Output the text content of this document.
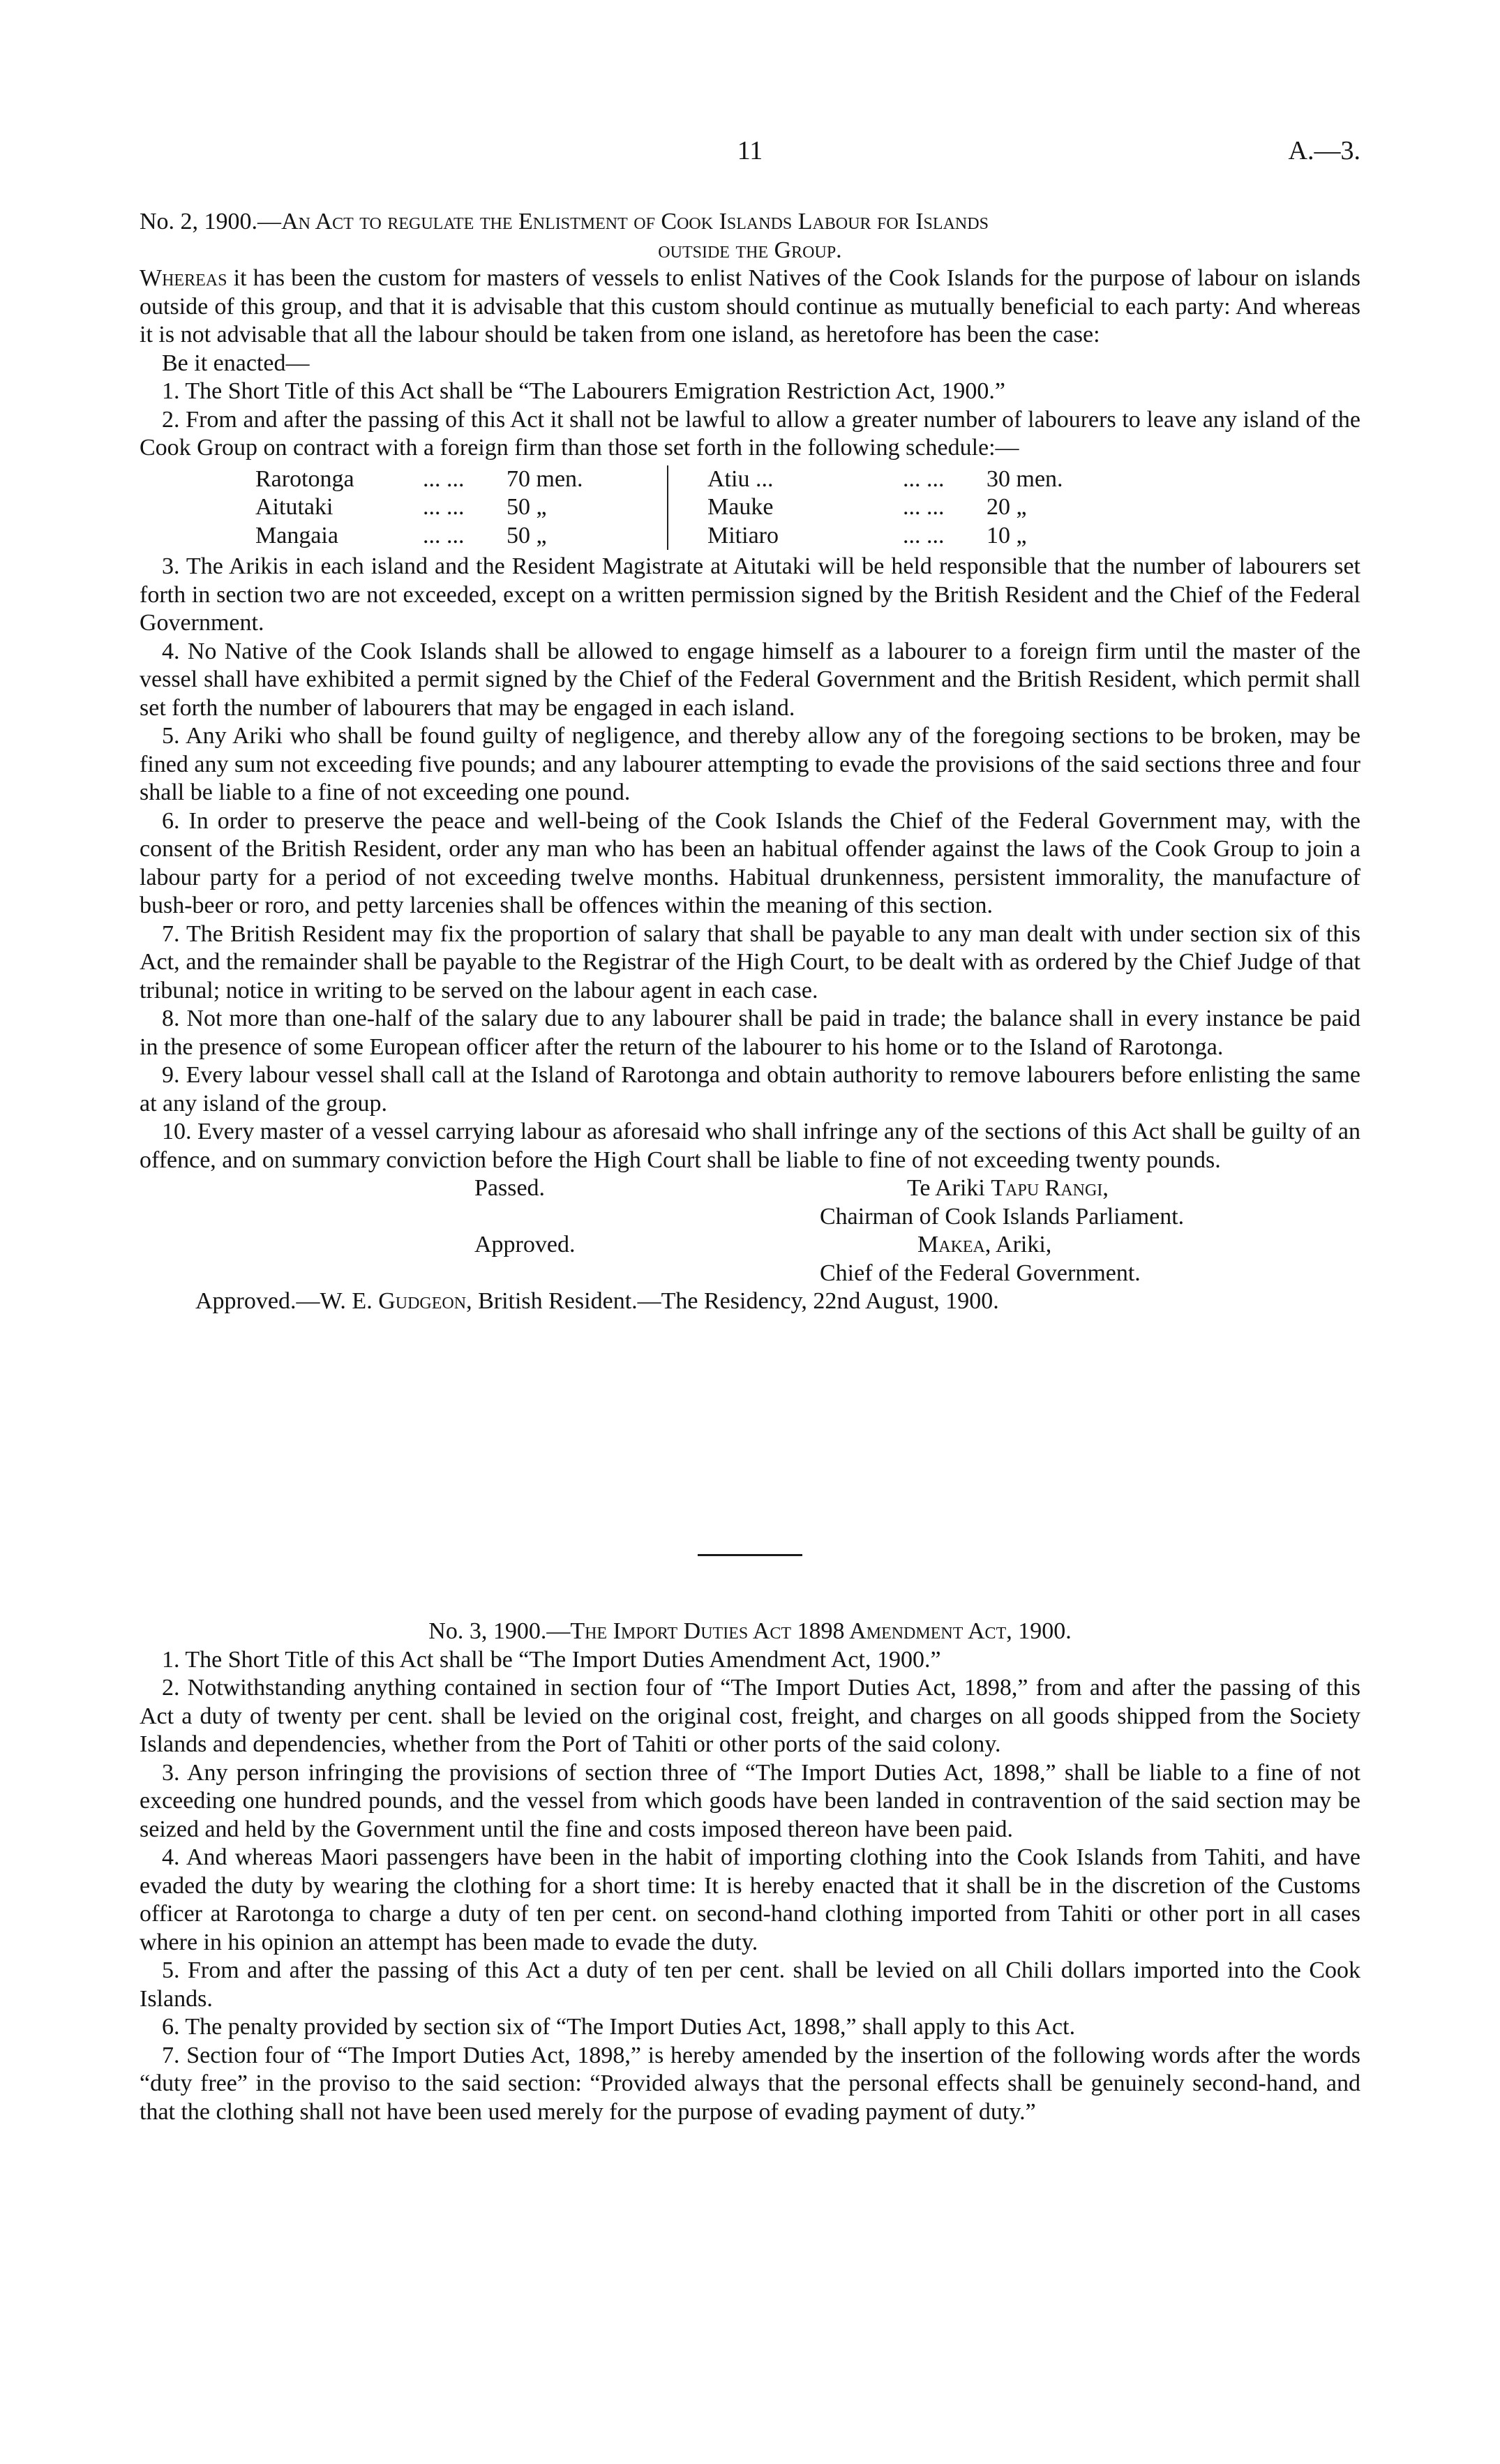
11	A.—3.
No. 2, 1900.—An Act to regulate the Enlistment of Cook Islands Labour for Islands
outside the Group.

Whereas it has been the custom for masters of vessels to enlist Natives of the Cook Islands for the purpose of labour on islands outside of this group, and that it is advisable that this custom should continue as mutually beneficial to each party: And whereas it is not advisable that all the labour should be taken from one island, as heretofore has been the case:

Be it enacted—

1. The Short Title of this Act shall be “The Labourers Emigration Restriction Act, 1900.”

2. From and after the passing of this Act it shall not be lawful to allow a greater number of labourers to leave any island of the Cook Group on contract with a foreign firm than those set forth in the following schedule:—

Rarotonga	... ...	70 men.		Atiu ...	... ...	30 men.
Aitutaki	... ...	50 „		Mauke	... ...	20 „
Mangaia	... ...	50 „		Mitiaro	... ...	10 „

3. The Arikis in each island and the Resident Magistrate at Aitutaki will be held responsible that the number of labourers set forth in section two are not exceeded, except on a written permission signed by the British Resident and the Chief of the Federal Government.

4. No Native of the Cook Islands shall be allowed to engage himself as a labourer to a foreign firm until the master of the vessel shall have exhibited a permit signed by the Chief of the Federal Government and the British Resident, which permit shall set forth the number of labourers that may be engaged in each island.

5. Any Ariki who shall be found guilty of negligence, and thereby allow any of the foregoing sections to be broken, may be fined any sum not exceeding five pounds; and any labourer attempting to evade the provisions of the said sections three and four shall be liable to a fine of not exceeding one pound.

6. In order to preserve the peace and well-being of the Cook Islands the Chief of the Federal Government may, with the consent of the British Resident, order any man who has been an habitual offender against the laws of the Cook Group to join a labour party for a period of not exceeding twelve months. Habitual drunkenness, persistent immorality, the manufacture of bush-beer or roro, and petty larcenies shall be offences within the meaning of this section.

7. The British Resident may fix the proportion of salary that shall be payable to any man dealt with under section six of this Act, and the remainder shall be payable to the Registrar of the High Court, to be dealt with as ordered by the Chief Judge of that tribunal; notice in writing to be served on the labour agent in each case.

8. Not more than one-half of the salary due to any labourer shall be paid in trade; the balance shall in every instance be paid in the presence of some European officer after the return of the labourer to his home or to the Island of Rarotonga.

9. Every labour vessel shall call at the Island of Rarotonga and obtain authority to remove labourers before enlisting the same at any island of the group.

10. Every master of a vessel carrying labour as aforesaid who shall infringe any of the sections of this Act shall be guilty of an offence, and on summary conviction before the High Court shall be liable to fine of not exceeding twenty pounds.

Passed.	Te Ariki Tapu Rangi,
Chairman of Cook Islands Parliament.
Approved.	Makea, Ariki,
Chief of the Federal Government.
Approved.—W. E. Gudgeon, British Resident.—The Residency, 22nd August, 1900.
No. 3, 1900.—The Import Duties Act 1898 Amendment Act, 1900.

1. The Short Title of this Act shall be “The Import Duties Amendment Act, 1900.”

2. Notwithstanding anything contained in section four of “The Import Duties Act, 1898,” from and after the passing of this Act a duty of twenty per cent. shall be levied on the original cost, freight, and charges on all goods shipped from the Society Islands and dependencies, whether from the Port of Tahiti or other ports of the said colony.

3. Any person infringing the provisions of section three of “The Import Duties Act, 1898,” shall be liable to a fine of not exceeding one hundred pounds, and the vessel from which goods have been landed in contravention of the said section may be seized and held by the Government until the fine and costs imposed thereon have been paid.

4. And whereas Maori passengers have been in the habit of importing clothing into the Cook Islands from Tahiti, and have evaded the duty by wearing the clothing for a short time: It is hereby enacted that it shall be in the discretion of the Customs officer at Rarotonga to charge a duty of ten per cent. on second-hand clothing imported from Tahiti or other port in all cases where in his opinion an attempt has been made to evade the duty.

5. From and after the passing of this Act a duty of ten per cent. shall be levied on all Chili dollars imported into the Cook Islands.

6. The penalty provided by section six of “The Import Duties Act, 1898,” shall apply to this Act.

7. Section four of “The Import Duties Act, 1898,” is hereby amended by the insertion of the following words after the words “duty free” in the proviso to the said section: “Provided always that the personal effects shall be genuinely second-hand, and that the clothing shall not have been used merely for the purpose of evading payment of duty.”
